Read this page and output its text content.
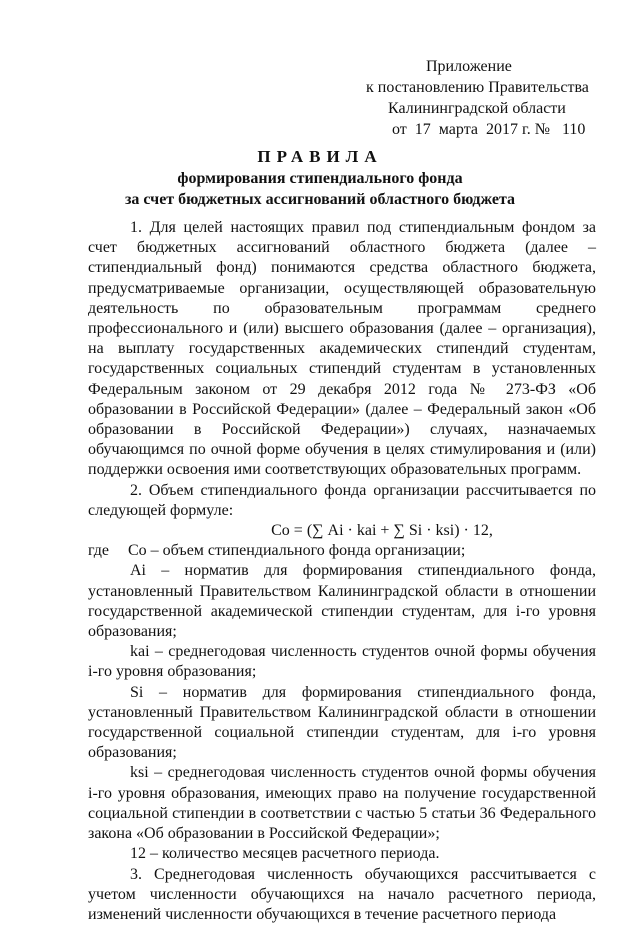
Приложение
к постановлению Правительства
Калининградской области
от  17  марта  2017 г. №   110
ПРАВИЛА
формирования стипендиального фонда
за счет бюджетных ассигнований областного бюджета

1. Для целей настоящих правил под стипендиальным фондом за счет бюджетных ассигнований областного бюджета (далее – стипендиальный фонд) понимаются средства областного бюджета, предусматриваемые организации, осуществляющей образовательную деятельность по образовательным программам среднего профессионального и (или) высшего образования (далее – организация), на выплату государственных академических стипендий студентам, государственных социальных стипендий студентам в установленных Федеральным законом от 29 декабря 2012 года № 273-ФЗ «Об образовании в Российской Федерации» (далее – Федеральный закон «Об образовании в Российской Федерации») случаях, назначаемых обучающимся по очной форме обучения в целях стимулирования и (или) поддержки освоения ими соответствующих образовательных программ.

2. Объем стипендиального фонда организации рассчитывается по следующей формуле:

Cо = (∑ Ai · kai + ∑ Si · ksi) · 12,

где	Cо – объем стипендиального фонда организации;

Ai – норматив для формирования стипендиального фонда, установленный Правительством Калининградской области в отношении государственной академической стипендии студентам, для i-го уровня образования;

kai – среднегодовая численность студентов очной формы обучения i-го уровня образования;

Si – норматив для формирования стипендиального фонда, установленный Правительством Калининградской области в отношении государственной социальной стипендии студентам, для i-го уровня образования;

ksi – среднегодовая численность студентов очной формы обучения i-го уровня образования, имеющих право на получение государственной социальной стипендии в соответствии с частью 5 статьи 36 Федерального закона «Об образовании в Российской Федерации»;

12 – количество месяцев расчетного периода.

3. Среднегодовая численность обучающихся рассчитывается с учетом численности обучающихся на начало расчетного периода, изменений численности обучающихся в течение расчетного периода
